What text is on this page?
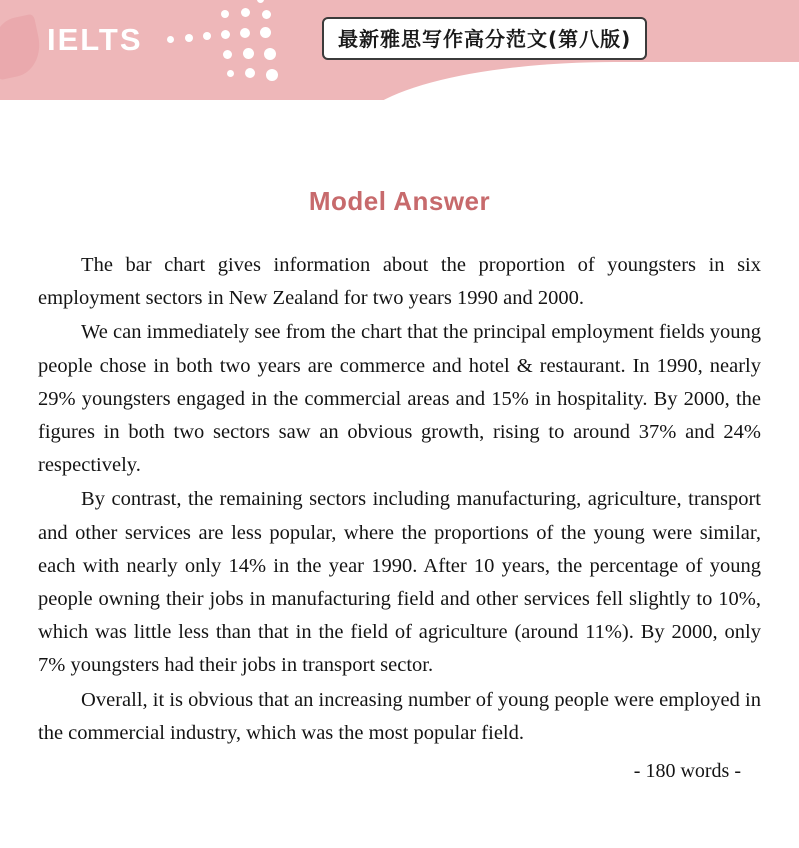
IELTS	最新雅思写作高分范文(第八版)
Model Answer

The bar chart gives information about the proportion of youngsters in six employment sectors in New Zealand for two years 1990 and 2000.

We can immediately see from the chart that the principal employment fields young people chose in both two years are commerce and hotel & restaurant. In 1990, nearly 29% youngsters engaged in the commercial areas and 15% in hospitality. By 2000, the figures in both two sectors saw an obvious growth, rising to around 37% and 24% respectively.

By contrast, the remaining sectors including manufacturing, agriculture, transport and other services are less popular, where the proportions of the young were similar, each with nearly only 14% in the year 1990. After 10 years, the percentage of young people owning their jobs in manufacturing field and other services fell slightly to 10%, which was little less than that in the field of agriculture (around 11%). By 2000, only 7% youngsters had their jobs in transport sector.

Overall, it is obvious that an increasing number of young people were employed in the commercial industry, which was the most popular field.

- 180 words -
